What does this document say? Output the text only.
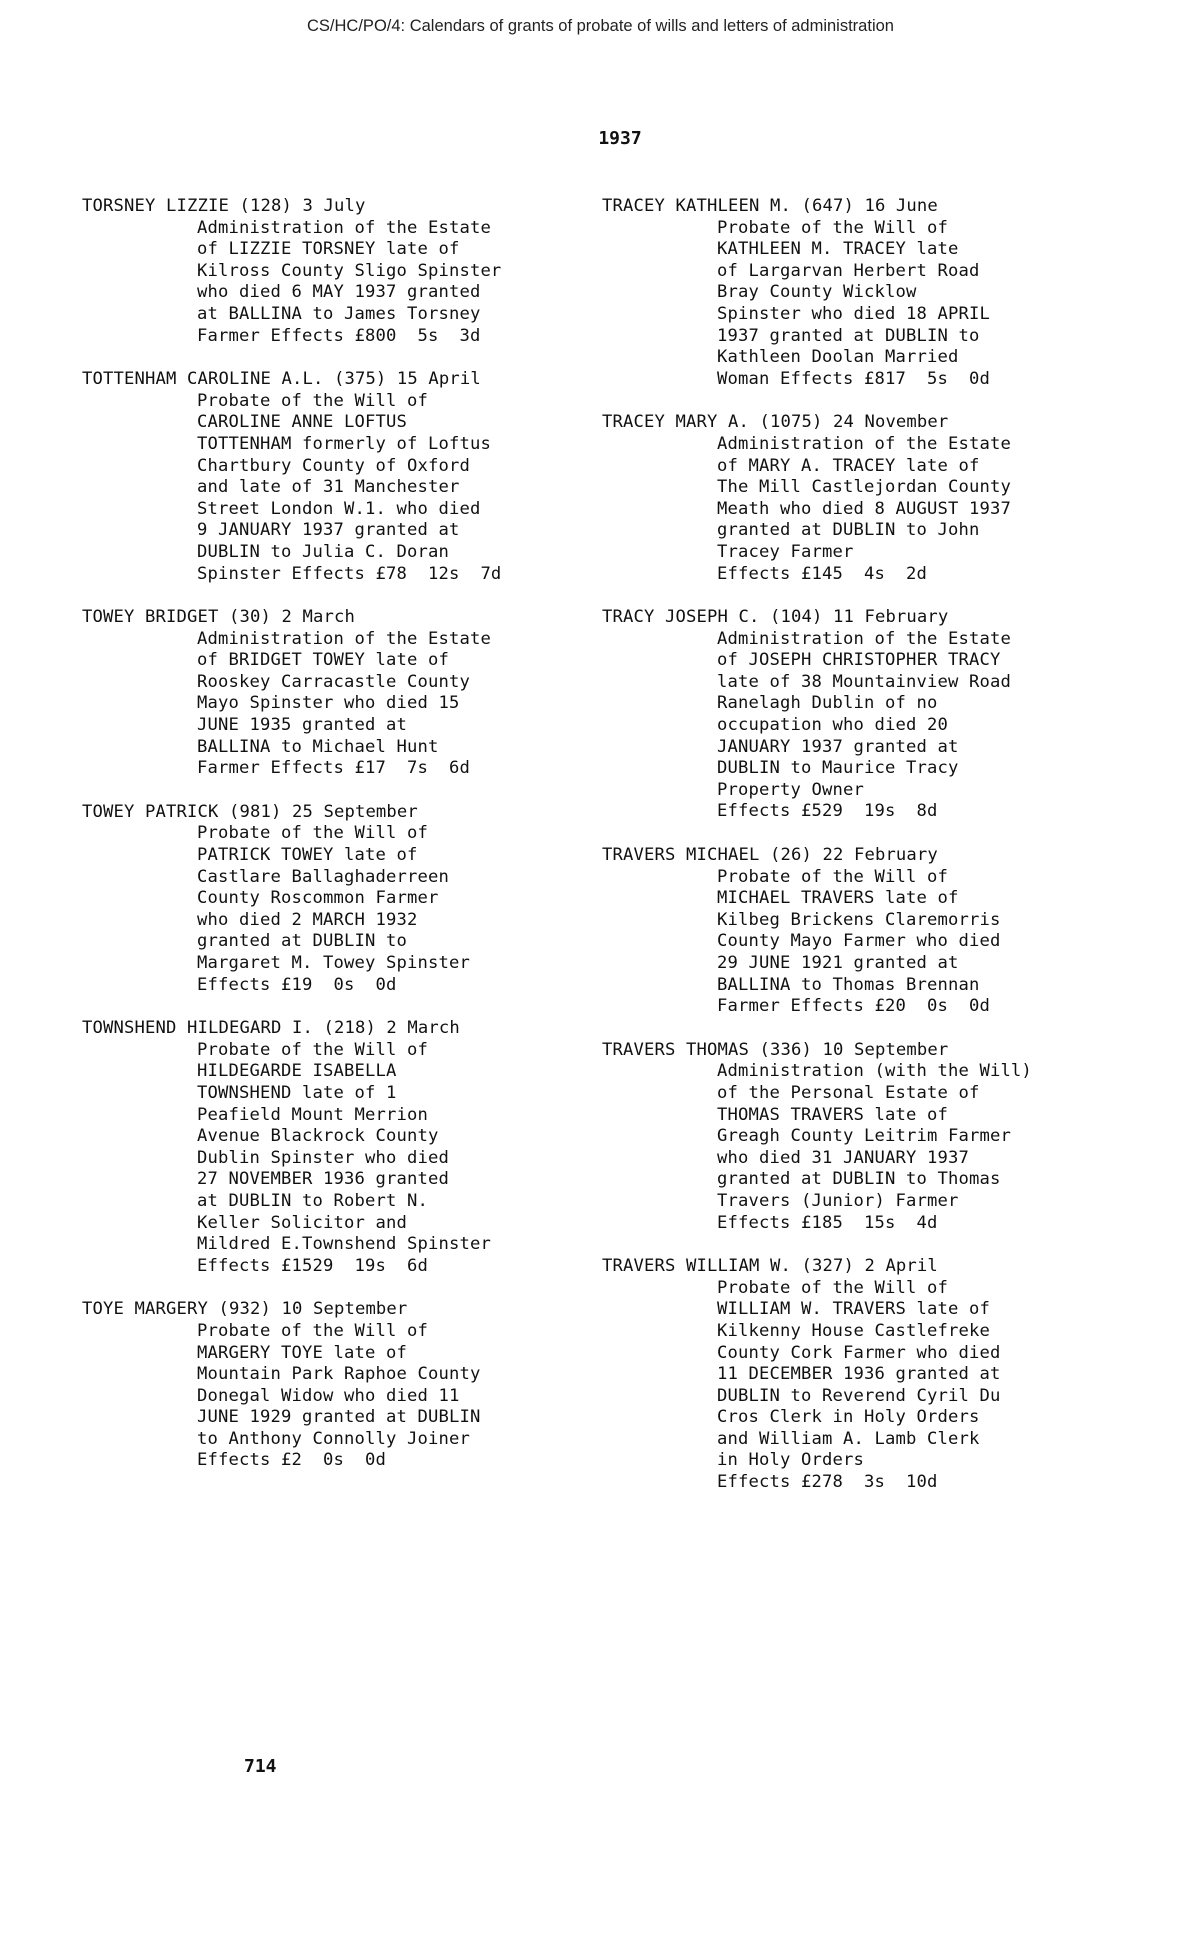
CS/HC/PO/4: Calendars of grants of probate of wills and letters of administration
1937
TORSNEY LIZZIE (128) 3 July
Administration of the Estate
of LIZZIE TORSNEY late of
Kilross County Sligo Spinster
who died 6 MAY 1937 granted
at BALLINA to James Torsney
Farmer Effects £800  5s  3d
TOTTENHAM CAROLINE A.L. (375) 15 April
Probate of the Will of
CAROLINE ANNE LOFTUS
TOTTENHAM formerly of Loftus
Chartbury County of Oxford
and late of 31 Manchester
Street London W.1. who died
9 JANUARY 1937 granted at
DUBLIN to Julia C. Doran
Spinster Effects £78  12s  7d
TOWEY BRIDGET (30) 2 March
Administration of the Estate
of BRIDGET TOWEY late of
Rooskey Carracastle County
Mayo Spinster who died 15
JUNE 1935 granted at
BALLINA to Michael Hunt
Farmer Effects £17  7s  6d
TOWEY PATRICK (981) 25 September
Probate of the Will of
PATRICK TOWEY late of
Castlare Ballaghaderreen
County Roscommon Farmer
who died 2 MARCH 1932
granted at DUBLIN to
Margaret M. Towey Spinster
Effects £19  0s  0d
TOWNSHEND HILDEGARD I. (218) 2 March
Probate of the Will of
HILDEGARDE ISABELLA
TOWNSHEND late of 1
Peafield Mount Merrion
Avenue Blackrock County
Dublin Spinster who died
27 NOVEMBER 1936 granted
at DUBLIN to Robert N.
Keller Solicitor and
Mildred E.Townshend Spinster
Effects £1529  19s  6d
TOYE MARGERY (932) 10 September
Probate of the Will of
MARGERY TOYE late of
Mountain Park Raphoe County
Donegal Widow who died 11
JUNE 1929 granted at DUBLIN
to Anthony Connolly Joiner
Effects £2  0s  0d
TRACEY KATHLEEN M. (647) 16 June
Probate of the Will of
KATHLEEN M. TRACEY late
of Largarvan Herbert Road
Bray County Wicklow
Spinster who died 18 APRIL
1937 granted at DUBLIN to
Kathleen Doolan Married
Woman Effects £817  5s  0d
TRACEY MARY A. (1075) 24 November
Administration of the Estate
of MARY A. TRACEY late of
The Mill Castlejordan County
Meath who died 8 AUGUST 1937
granted at DUBLIN to John
Tracey Farmer
Effects £145  4s  2d
TRACY JOSEPH C. (104) 11 February
Administration of the Estate
of JOSEPH CHRISTOPHER TRACY
late of 38 Mountainview Road
Ranelagh Dublin of no
occupation who died 20
JANUARY 1937 granted at
DUBLIN to Maurice Tracy
Property Owner
Effects £529  19s  8d
TRAVERS MICHAEL (26) 22 February
Probate of the Will of
MICHAEL TRAVERS late of
Kilbeg Brickens Claremorris
County Mayo Farmer who died
29 JUNE 1921 granted at
BALLINA to Thomas Brennan
Farmer Effects £20  0s  0d
TRAVERS THOMAS (336) 10 September
Administration (with the Will)
of the Personal Estate of
THOMAS TRAVERS late of
Greagh County Leitrim Farmer
who died 31 JANUARY 1937
granted at DUBLIN to Thomas
Travers (Junior) Farmer
Effects £185  15s  4d
TRAVERS WILLIAM W. (327) 2 April
Probate of the Will of
WILLIAM W. TRAVERS late of
Kilkenny House Castlefreke
County Cork Farmer who died
11 DECEMBER 1936 granted at
DUBLIN to Reverend Cyril Du
Cros Clerk in Holy Orders
and William A. Lamb Clerk
in Holy Orders
Effects £278  3s  10d
714
